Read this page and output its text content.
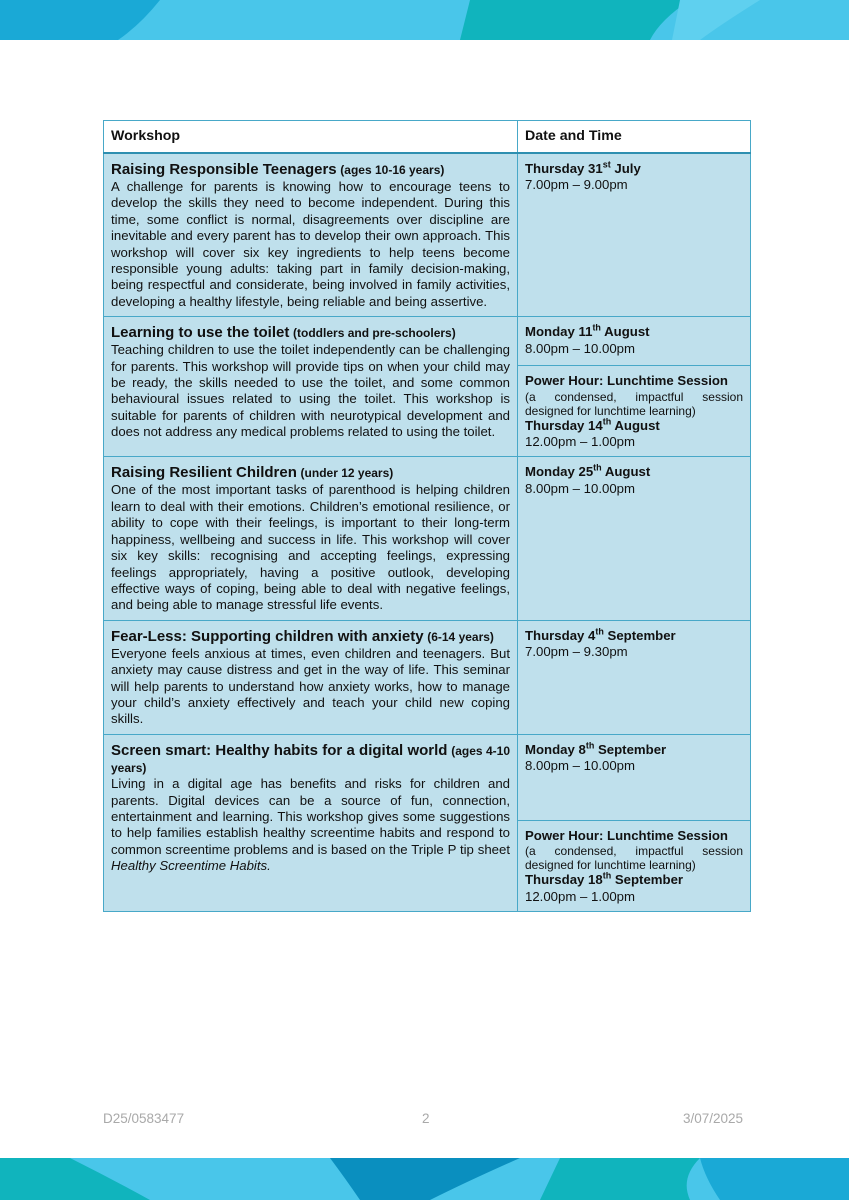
Workshop	Date and Time
Raising Responsible Teenagers (ages 10-16 years)
A challenge for parents is knowing how to encourage teens to develop the skills they need to become independent. During this time, some conflict is normal, disagreements over discipline are inevitable and every parent has to develop their own approach. This workshop will cover six key ingredients to help teens become responsible young adults: taking part in family decision-making, being respectful and considerate, being involved in family activities, developing a healthy lifestyle, being reliable and being assertive.	Thursday 31st July
7.00pm – 9.00pm
Learning to use the toilet (toddlers and pre-schoolers)
Teaching children to use the toilet independently can be challenging for parents. This workshop will provide tips on when your child may be ready, the skills needed to use the toilet, and some common behavioural issues related to using the toilet. This workshop is suitable for parents of children with neurotypical development and does not address any medical problems related to using the toilet.	Monday 11th August
8.00pm – 10.00pm

	Power Hour: Lunchtime Session
(a condensed, impactful session designed for lunchtime learning)
Thursday 14th August
12.00pm – 1.00pm
Raising Resilient Children (under 12 years)
One of the most important tasks of parenthood is helping children learn to deal with their emotions. Children’s emotional resilience, or ability to cope with their feelings, is important to their long-term happiness, wellbeing and success in life. This workshop will cover six key skills: recognising and accepting feelings, expressing feelings appropriately, having a positive outlook, developing effective ways of coping, being able to deal with negative feelings, and being able to manage stressful life events.	Monday 25th August
8.00pm – 10.00pm
Fear-Less: Supporting children with anxiety (6-14 years)
Everyone feels anxious at times, even children and teenagers. But anxiety may cause distress and get in the way of life. This seminar will help parents to understand how anxiety works, how to manage your child’s anxiety effectively and teach your child new coping skills.	Thursday 4th September
7.00pm – 9.30pm
Screen smart: Healthy habits for a digital world (ages 4-10 years)
Living in a digital age has benefits and risks for children and parents. Digital devices can be a source of fun, connection, entertainment and learning. This workshop gives some suggestions to help families establish healthy screentime habits and respond to common screentime problems and is based on the Triple P tip sheet Healthy Screentime Habits.	Monday 8th September
8.00pm – 10.00pm

	Power Hour: Lunchtime Session
(a condensed, impactful session designed for lunchtime learning)
Thursday 18th September
12.00pm – 1.00pm
D25/0583477	2	3/07/2025
